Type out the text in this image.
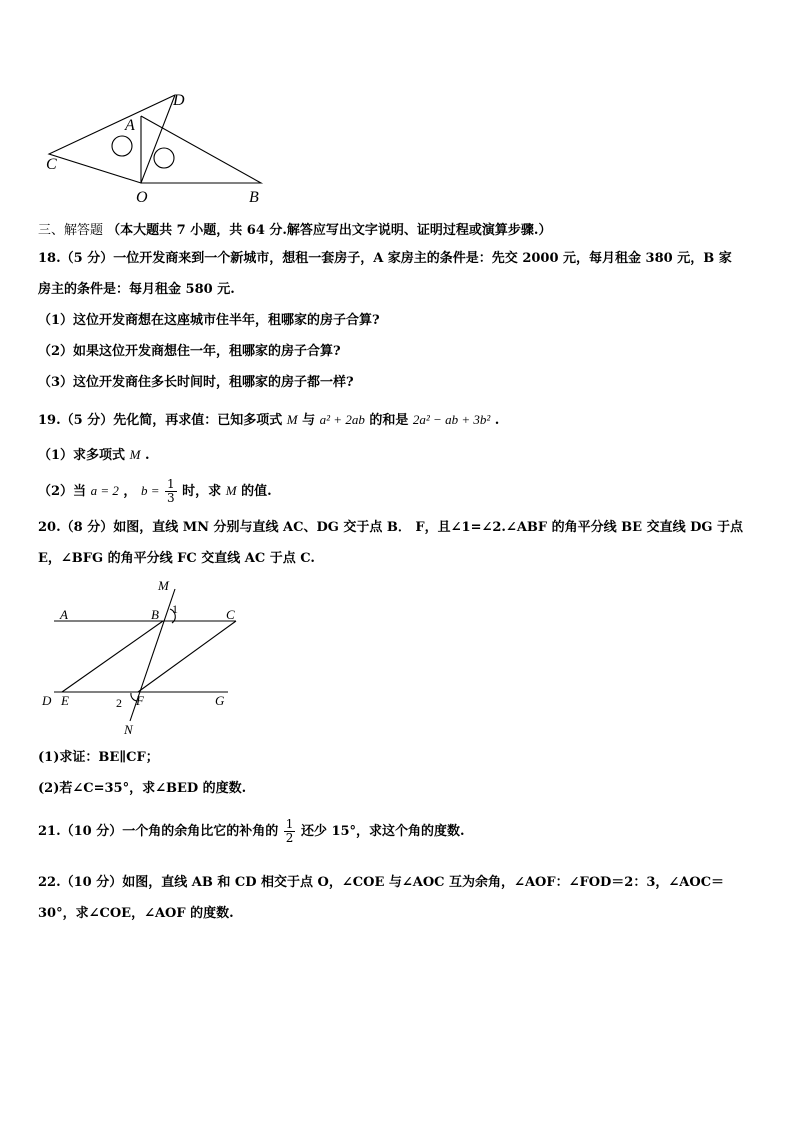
D
A
C
O	B
三、解答题 （本大题共 7 小题，共 64 分.解答应写出文字说明、证明过程或演算步骤.）
18.（5 分）一位开发商来到一个新城市，想租一套房子，A 家房主的条件是：先交 2000 元，每月租金 380 元，B 家
房主的条件是：每月租金 580 元.
（1）这位开发商想在这座城市住半年，租哪家的房子合算?
（2）如果这位开发商想住一年，租哪家的房子合算?
（3）这位开发商住多长时间时，租哪家的房子都一样?
19.（5 分）先化简，再求值：已知多项式 M 与 a² + 2ab 的和是 2a² − ab + 3b² .
（1）求多项式 M .
（2）当 a = 2 ， $b = \frac{1}{3}$ 时，求 M 的值.
20.（8 分）如图，直线 MN 分别与直线 AC、DG 交于点 B． F，且∠1=∠2.∠ABF 的角平分线 BE 交直线 DG 于点
E，∠BFG 的角平分线 FC 交直线 AC 于点 C.
M
A	B 1	C
D E	2 F	G
N
(1)求证：BE∥CF；
(2)若∠C=35°，求∠BED 的度数.
21.（10 分）一个角的余角比它的补角的 $\frac{1}{2}$ 还少 15°，求这个角的度数.
22.（10 分）如图，直线 AB 和 CD 相交于点 O，∠COE 与∠AOC 互为余角，∠AOF：∠FOD＝2：3，∠AOC＝
30°，求∠COE，∠AOF 的度数.
